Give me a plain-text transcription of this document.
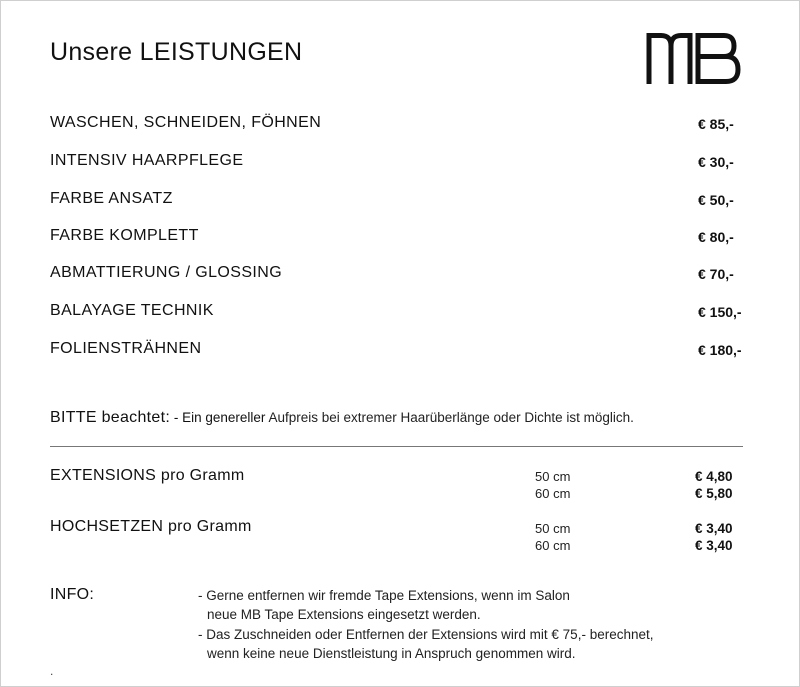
Unsere LEISTUNGEN
WASCHEN, SCHNEIDEN, FÖHNEN	€ 85,-
INTENSIV HAARPFLEGE	€ 30,-
FARBE ANSATZ	€ 50,-
FARBE KOMPLETT	€ 80,-
ABMATTIERUNG / GLOSSING	€ 70,-
BALAYAGE TECHNIK	€ 150,-
FOLIENSTRÄHNEN	€ 180,-
BITTE beachtet: - Ein genereller Aufpreis bei extremer Haarüberlänge oder Dichte ist möglich.
EXTENSIONS pro Gramm	50 cm	€ 4,80
60 cm	€ 5,80
HOCHSETZEN pro Gramm	50 cm	€ 3,40
60 cm	€ 3,40
INFO:	- Gerne entfernen wir fremde Tape Extensions, wenn im Salon
neue MB Tape Extensions eingesetzt werden.
- Das Zuschneiden oder Entfernen der Extensions wird mit € 75,- berechnet,
wenn keine neue Dienstleistung in Anspruch genommen wird.
.
